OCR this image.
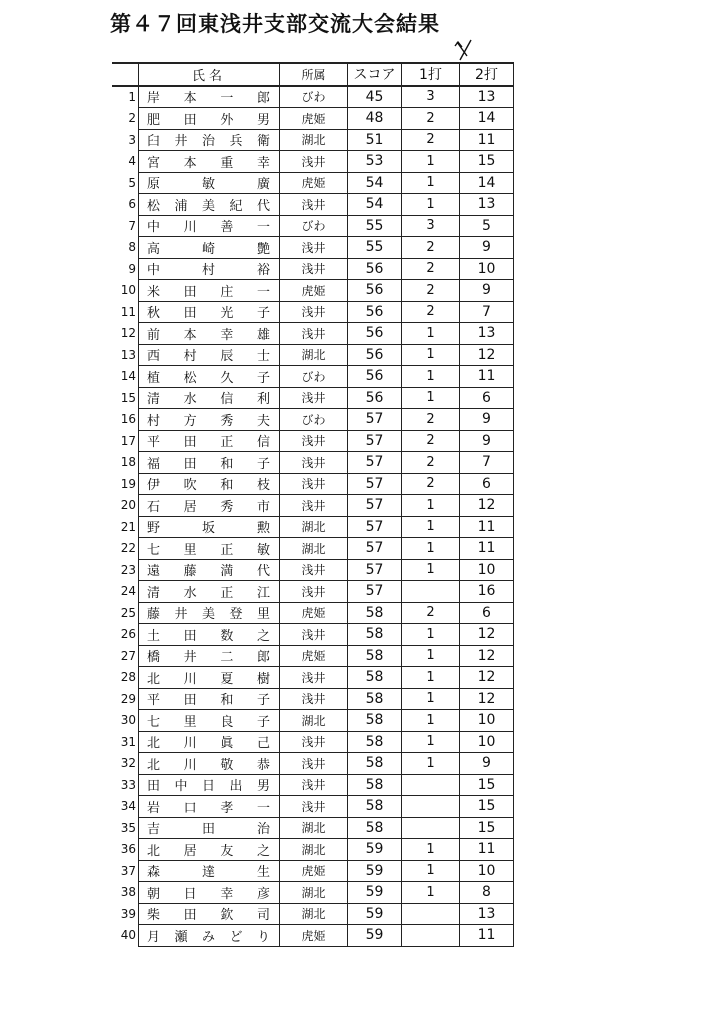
第４７回東浅井支部交流大会結果
	氏名	所属	スコア	1打	2打
1	岸本一郎	びわ	45	3	13
2	肥田外男	虎姫	48	2	14
3	臼井治兵衛	湖北	51	2	11
4	宮本重幸	浅井	53	1	15
5	原　敏　廣	虎姫	54	1	14
6	松浦美紀代	浅井	54	1	13
7	中川善一	びわ	55	3	5
8	高　崎　艶	浅井	55	2	9
9	中　村　裕	浅井	56	2	10
10	米田庄一	虎姫	56	2	9
11	秋田光子	浅井	56	2	7
12	前本幸雄	浅井	56	1	13
13	西村辰士	湖北	56	1	12
14	植松久子	びわ	56	1	11
15	清水信利	浅井	56	1	6
16	村方秀夫	びわ	57	2	9
17	平田正信	浅井	57	2	9
18	福田和子	浅井	57	2	7
19	伊吹和枝	浅井	57	2	6
20	石居秀市	浅井	57	1	12
21	野　坂　勲	湖北	57	1	11
22	七里正敏	湖北	57	1	11
23	遠藤満代	浅井	57	1	10
24	清水正江	浅井	57		16
25	藤井美登里	虎姫	58	2	6
26	土田数之	浅井	58	1	12
27	橋井二郎	虎姫	58	1	12
28	北川夏樹	浅井	58	1	12
29	平田和子	浅井	58	1	12
30	七里良子	湖北	58	1	10
31	北川眞己	浅井	58	1	10
32	北川敬恭	浅井	58	1	9
33	田中日出男	浅井	58		15
34	岩口孝一	浅井	58		15
35	吉　田　治	湖北	58		15
36	北居友之	湖北	59	1	11
37	森　達　生	虎姫	59	1	10
38	朝日幸彦	湖北	59	1	8
39	柴田欽司	湖北	59		13
40	月瀬みどり	虎姫	59		11
